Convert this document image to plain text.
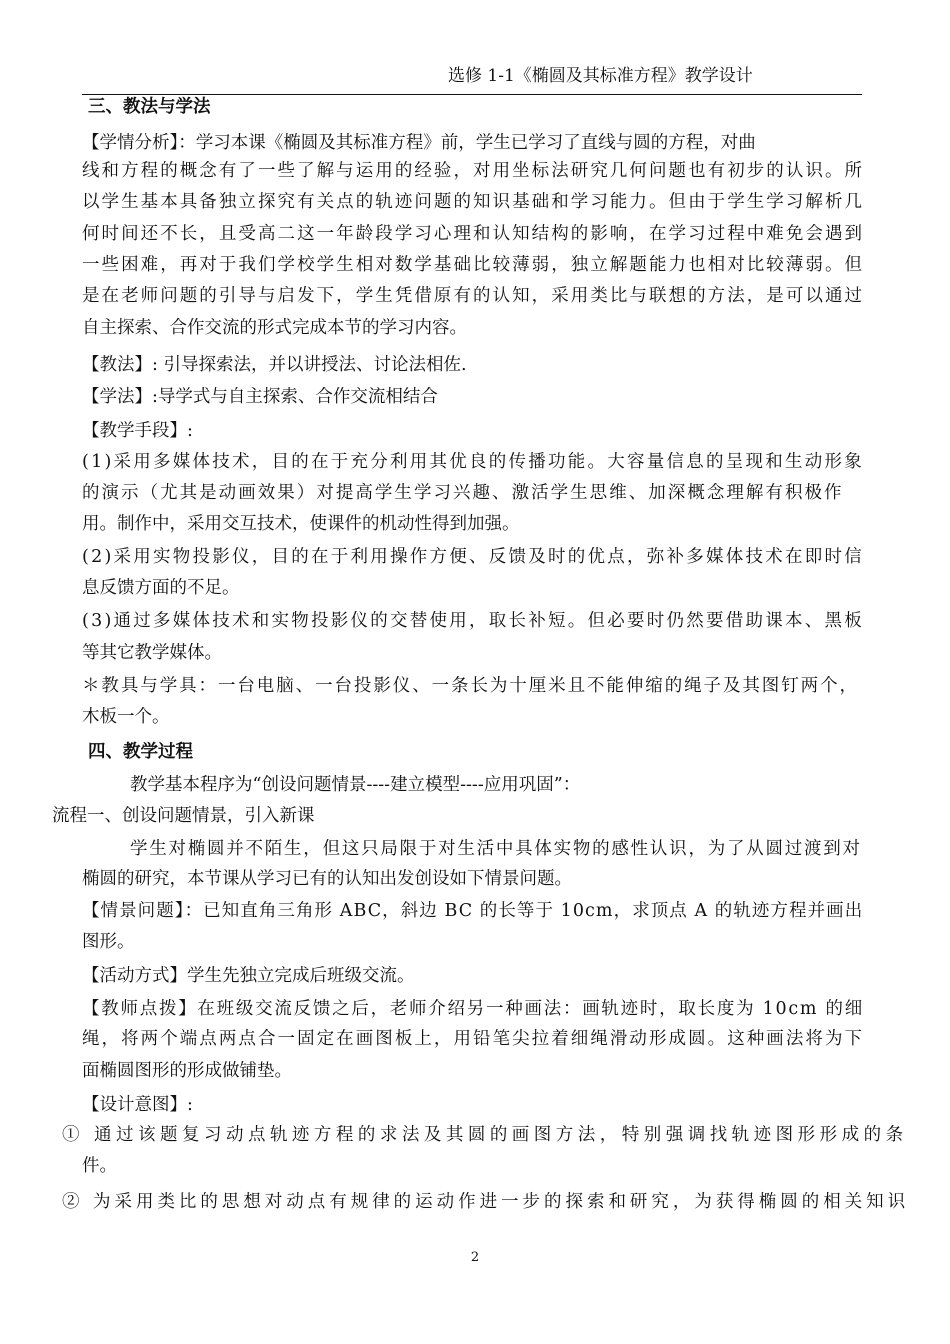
选修 1-1《椭圆及其标准方程》教学设计
三、教法与学法
【学情分析】：学习本课《椭圆及其标准方程》前，学生已学习了直线与圆的方程，对曲
线和方程的概念有了一些了解与运用的经验，对用坐标法研究几何问题也有初步的认识。所
以学生基本具备独立探究有关点的轨迹问题的知识基础和学习能力。但由于学生学习解析几
何时间还不长，且受高二这一年龄段学习心理和认知结构的影响，在学习过程中难免会遇到
一些困难，再对于我们学校学生相对数学基础比较薄弱，独立解题能力也相对比较薄弱。但
是在老师问题的引导与启发下，学生凭借原有的认知，采用类比与联想的方法，是可以通过
自主探索、合作交流的形式完成本节的学习内容。
【教法】: 引导探索法，并以讲授法、讨论法相佐.
【学法】:导学式与自主探索、合作交流相结合
【教学手段】:
(1)采用多媒体技术，目的在于充分利用其优良的传播功能。大容量信息的呈现和生动形象
的演示（尤其是动画效果）对提高学生学习兴趣、激活学生思维、加深概念理解有积极作
用。制作中，采用交互技术，使课件的机动性得到加强。
(2)采用实物投影仪，目的在于利用操作方便、反馈及时的优点，弥补多媒体技术在即时信
息反馈方面的不足。
(3)通过多媒体技术和实物投影仪的交替使用，取长补短。但必要时仍然要借助课本、黑板
等其它教学媒体。
＊教具与学具：一台电脑、一台投影仪、一条长为十厘米且不能伸缩的绳子及其图钉两个，
木板一个。
四、教学过程
教学基本程序为“创设问题情景----建立模型----应用巩固”：
流程一、创设问题情景，引入新课
学生对椭圆并不陌生，但这只局限于对生活中具体实物的感性认识，为了从圆过渡到对
椭圆的研究，本节课从学习已有的认知出发创设如下情景问题。
【情景问题】：已知直角三角形 ABC，斜边 BC 的长等于 10cm，求顶点 A 的轨迹方程并画出
图形。
【活动方式】学生先独立完成后班级交流。
【教师点拨】在班级交流反馈之后，老师介绍另一种画法：画轨迹时，取长度为 10cm 的细
绳，将两个端点两点合一固定在画图板上，用铅笔尖拉着细绳滑动形成圆。这种画法将为下
面椭圆图形的形成做铺垫。
【设计意图】:
① 通过该题复习动点轨迹方程的求法及其圆的画图方法，特别强调找轨迹图形形成的条
件。
② 为采用类比的思想对动点有规律的运动作进一步的探索和研究，为获得椭圆的相关知识
2
